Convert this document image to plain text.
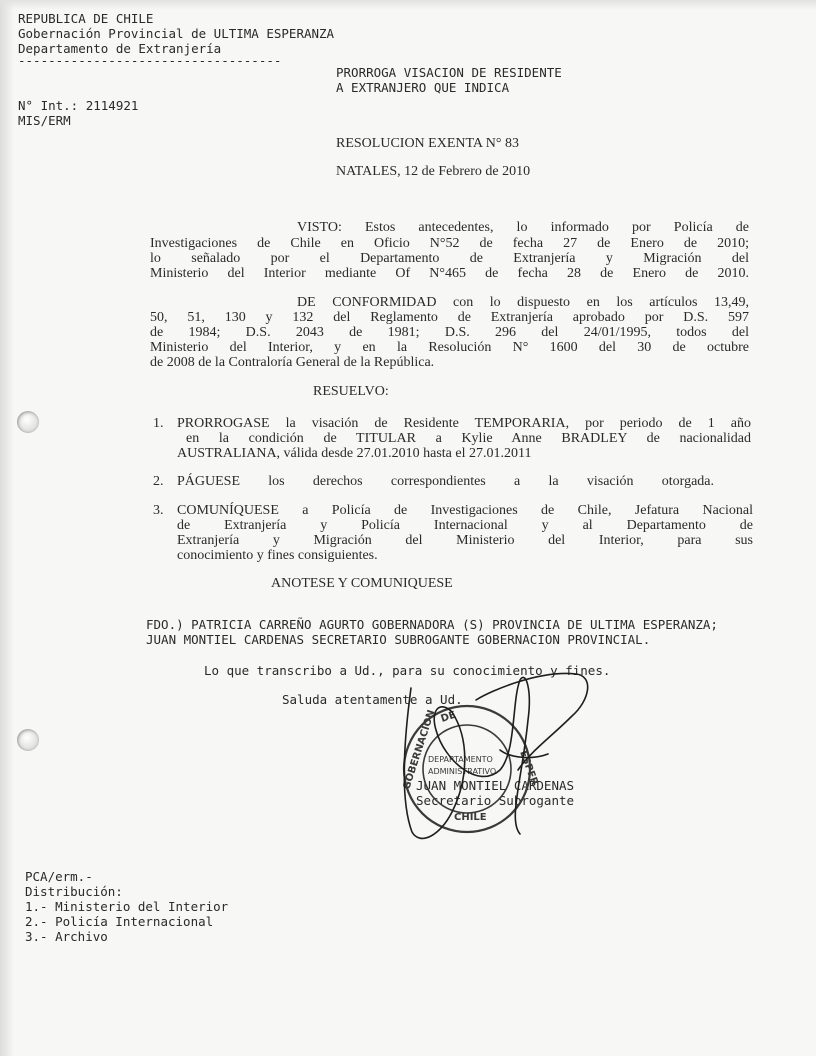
REPUBLICA DE CHILE
Gobernación Provincial de ULTIMA ESPERANZA
Departamento de Extranjería
-----------------------------------
PRORROGA VISACION DE RESIDENTE
A EXTRANJERO QUE INDICA
N° Int.: 2114921
MIS/ERM
RESOLUCION EXENTA N° 83
NATALES, 12 de Febrero de 2010
VISTO: Estos antecedentes, lo informado por Policía de
Investigaciones de Chile en Oficio N°52 de fecha 27 de Enero de 2010;
lo señalado por el Departamento de Extranjería y Migración del
Ministerio del Interior mediante Of N°465 de fecha 28 de Enero de 2010.
DE CONFORMIDAD con lo dispuesto en los artículos 13,49,
50, 51, 130 y 132 del Reglamento de Extranjería aprobado por D.S. 597
de 1984; D.S. 2043 de 1981; D.S. 296 del 24/01/1995, todos del
Ministerio del Interior, y en la Resolución N° 1600 del 30 de octubre
de 2008 de la Contraloría General de la República.
RESUELVO:
1. PRORROGASE la visación de Residente TEMPORARIA, por periodo de 1 año
en la condición de TITULAR a Kylie Anne BRADLEY de nacionalidad
AUSTRALIANA, válida desde 27.01.2010 hasta el 27.01.2011
2. PÁGUESE los derechos correspondientes a la visación otorgada.
3. COMUNÍQUESE a Policía de Investigaciones de Chile, Jefatura Nacional
de Extranjería y Policía Internacional y al Departamento de
Extranjería y Migración del Ministerio del Interior, para sus
conocimiento y fines consiguientes.
ANOTESE Y COMUNIQUESE
FDO.) PATRICIA CARREÑO AGURTO GOBERNADORA (S) PROVINCIA DE ULTIMA ESPERANZA;
JUAN MONTIEL CARDENAS SECRETARIO SUBROGANTE GOBERNACION PROVINCIAL.
Lo que transcribo a Ud., para su conocimiento y fines.
Saluda atentamente a Ud.
JUAN MONTIEL CARDENAS
Secretario Subrogante
GOBERNACION DE
ESPER
DEPARTAMENTO
ADMINISTRATIVO
CHILE
PCA/erm.-
Distribución:
1.- Ministerio del Interior
2.- Policía Internacional
3.- Archivo
